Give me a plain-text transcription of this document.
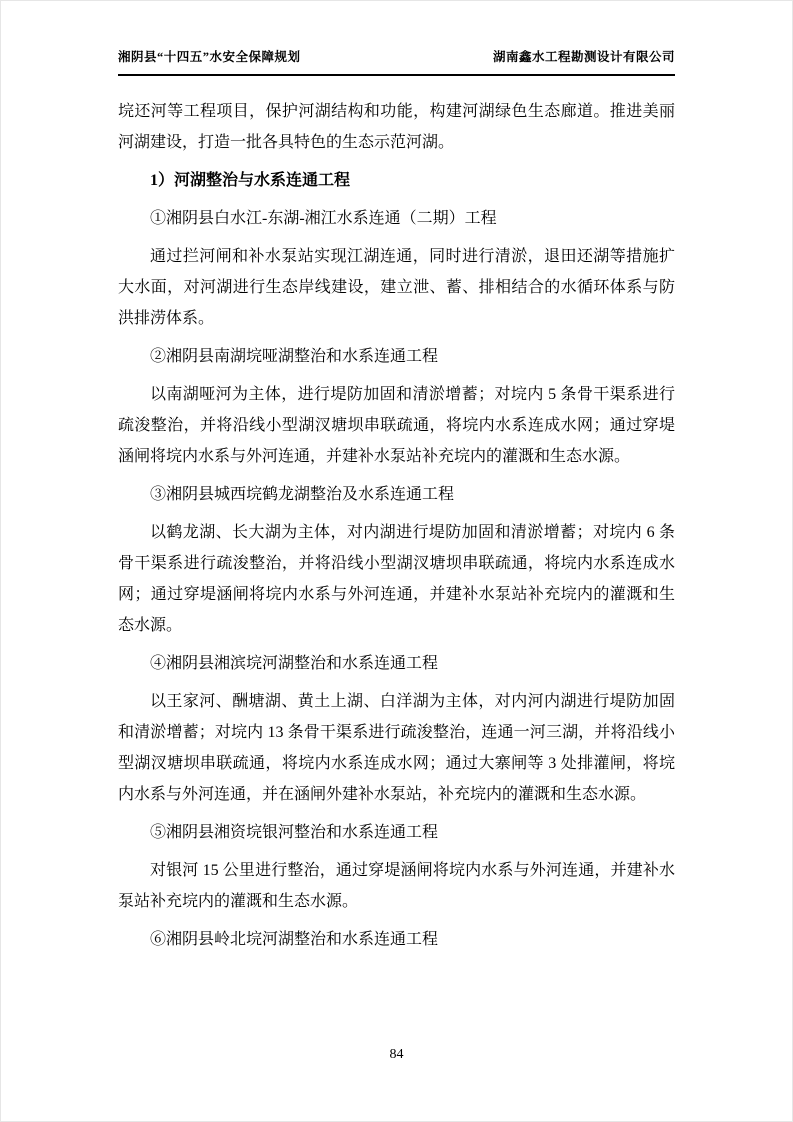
湘阴县“十四五”水安全保障规划	湖南鑫水工程勘测设计有限公司

垸还河等工程项目，保护河湖结构和功能，构建河湖绿色生态廊道。推进美丽河湖建设，打造一批各具特色的生态示范河湖。

1）河湖整治与水系连通工程

①湘阴县白水江-东湖-湘江水系连通（二期）工程

通过拦河闸和补水泵站实现江湖连通，同时进行清淤，退田还湖等措施扩大水面，对河湖进行生态岸线建设，建立泄、蓄、排相结合的水循环体系与防洪排涝体系。

②湘阴县南湖垸哑湖整治和水系连通工程

以南湖哑河为主体，进行堤防加固和清淤增蓄；对垸内 5 条骨干渠系进行疏浚整治，并将沿线小型湖汊塘坝串联疏通，将垸内水系连成水网；通过穿堤涵闸将垸内水系与外河连通，并建补水泵站补充垸内的灌溉和生态水源。

③湘阴县城西垸鹤龙湖整治及水系连通工程

以鹤龙湖、长大湖为主体，对内湖进行堤防加固和清淤增蓄；对垸内 6 条骨干渠系进行疏浚整治，并将沿线小型湖汊塘坝串联疏通，将垸内水系连成水网；通过穿堤涵闸将垸内水系与外河连通，并建补水泵站补充垸内的灌溉和生态水源。

④湘阴县湘滨垸河湖整治和水系连通工程

以王家河、酬塘湖、黄土上湖、白洋湖为主体，对内河内湖进行堤防加固和清淤增蓄；对垸内 13 条骨干渠系进行疏浚整治，连通一河三湖，并将沿线小型湖汊塘坝串联疏通，将垸内水系连成水网；通过大寨闸等 3 处排灌闸，将垸内水系与外河连通，并在涵闸外建补水泵站，补充垸内的灌溉和生态水源。

⑤湘阴县湘资垸银河整治和水系连通工程

对银河 15 公里进行整治，通过穿堤涵闸将垸内水系与外河连通，并建补水泵站补充垸内的灌溉和生态水源。

⑥湘阴县岭北垸河湖整治和水系连通工程

84
